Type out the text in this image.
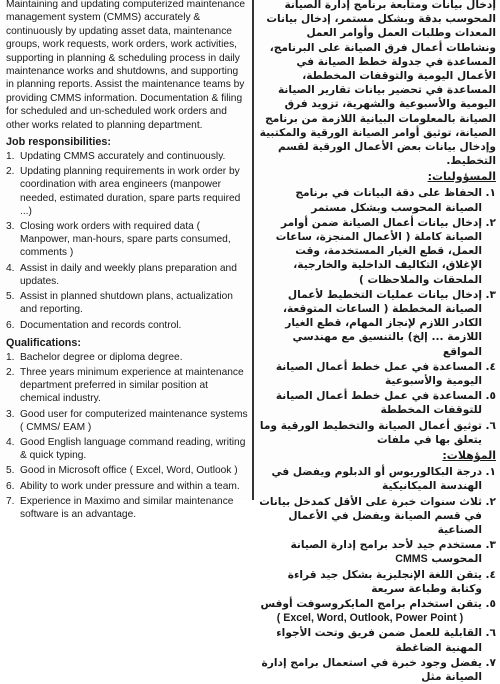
Maintaining and updating computerized maintenance management system (CMMS) accurately & continuously by updating asset data, maintenance groups, work requests, work orders, work activities, supporting in planning & scheduling process in daily maintenance works and shutdowns, and supporting in planning reports. Assist the maintenance teams by providing CMMS information. Documentation & filing for scheduled and un-scheduled work orders and other works related to planning department.

Job responsibilities:
1. Updating CMMS accurately and continuously.
2. Updating planning requirements in work order by coordination with area engineers (manpower needed, estimated duration, spare parts required ...)
3. Closing work orders with required data ( Manpower, man-hours, spare parts consumed, comments )
4. Assist in daily and weekly plans preparation and updates.
5. Assist in planned shutdown plans, actualization and reporting.
6. Documentation and records control.
Qualifications:
1. Bachelor degree or diploma degree.
2. Three years minimum experience at maintenance department preferred in similar position at chemical industry.
3. Good user for computerized maintenance systems ( CMMS/ EAM )
4. Good English language command reading, writing & quick typing.
5. Good in Microsoft office ( Excel, Word, Outlook )
6. Ability to work under pressure and within a team.
7. Experience in Maximo and similar maintenance software is an advantage.

إدخال بيانات ومتابعة برنامج إدارة الصيانة المحوسب بدقة وبشكل مستمر، إدخال بيانات المعدات وطلبات العمل وأوامر العمل ونشاطات أعمال فرق الصيانة على البرنامج، المساعدة في جدولة خطط الصيانة في الأعمال اليومية والتوقفات المخططة، المساعدة في تحضير بيانات تقارير الصيانة اليومية والأسبوعية والشهرية، تزويد فرق الصيانة بالمعلومات البيانية اللازمة من برنامج الصيانة، توثيق أوامر الصيانة الورقية والمكتبية وإدخال بيانات بعض الأعمال الورقية لقسم التخطيط.

المسؤوليات:
١.
الحفاظ على دقة البيانات في برنامج الصيانة المحوسب وبشكل مستمر
٢.
إدخال بيانات أعمال الصيانة ضمن أوامر الصيانة كاملة ( الأعمال المنجزة، ساعات العمل، قطع الغيار المستخدمة، وقت الإغلاق، التكاليف الداخلية والخارجية، الملحقات والملاحظات )
٣.
إدخال بيانات عمليات التخطيط لأعمال الصيانة المخططة ( الساعات المتوقعة، الكادر اللازم لإنجاز المهام، قطع الغيار اللازمة ... إلخ) بالتنسيق مع مهندسي المواقع
٤.
المساعدة في عمل خطط أعمال الصيانة اليومية والأسبوعية
٥.
المساعدة في عمل خطط أعمال الصيانة للتوقفات المخططة
٦.
توثيق أعمال الصيانة والتخطيط الورقية وما يتعلق بها في ملفات
المؤهلات:
١.
درجة البكالوريوس أو الدبلوم ويفضل في الهندسة الميكانيكية
٢.
ثلاث سنوات خبرة على الأقل كمدخل بيانات في قسم الصيانة ويفضل في الأعمال الصناعية
٣.
مستخدم جيد لأحد برامج إدارة الصيانة المحوسب CMMS
٤.
يتقن اللغة الإنجليزية بشكل جيد قراءة وكتابة وطباعة سريعة
٥.
يتقن استخدام برامج المايكروسوفت أوفس
( Excel, Word, Outlook, Power Point )
٦.
القابلية للعمل ضمن فريق وتحت الأجواء المهنية الضاغطة
٧.
يفضل وجود خبرة في استعمال برامج إدارة الصيانة مثل
